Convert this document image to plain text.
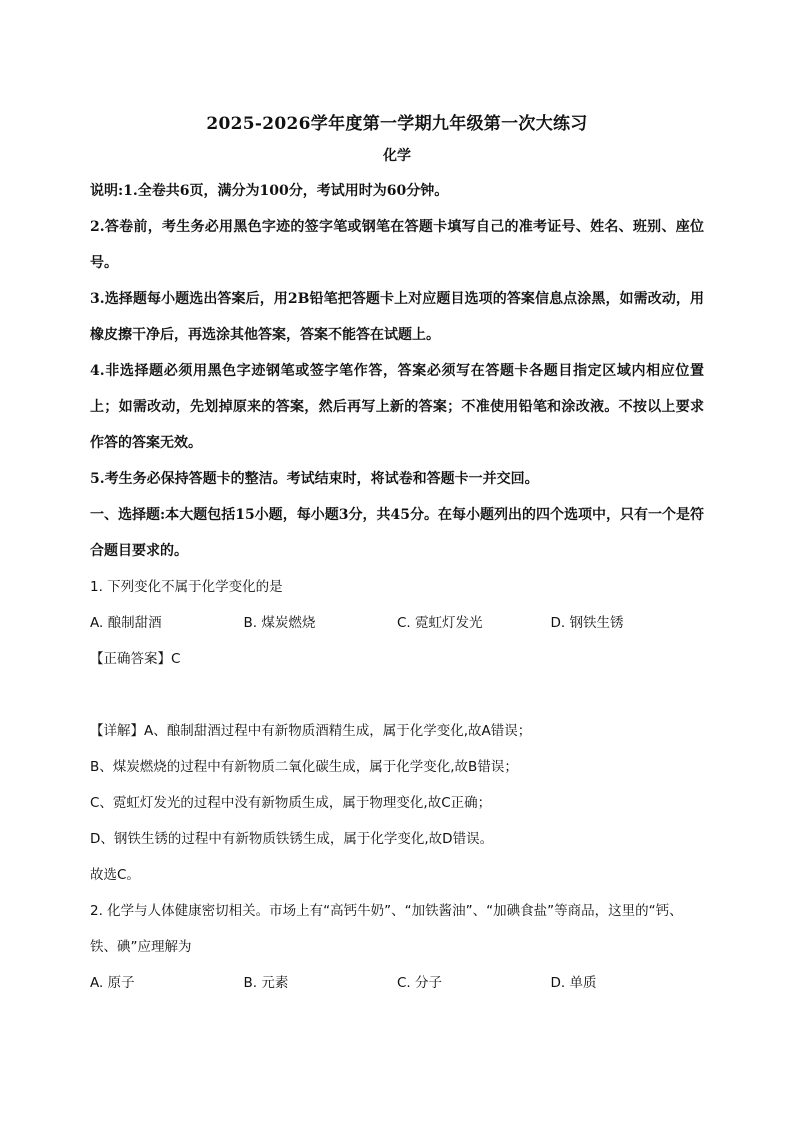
2025-2026学年度第一学期九年级第一次大练习
化学

说明:1.全卷共6页，满分为100分，考试用时为60分钟。

2.答卷前，考生务必用黑色字迹的签字笔或钢笔在答题卡填写自己的准考证号、姓名、班别、座位号。

3.选择题每小题选出答案后，用2B铅笔把答题卡上对应题目选项的答案信息点涂黑，如需改动，用橡皮擦干净后，再选涂其他答案，答案不能答在试题上。

4.非选择题必须用黑色字迹钢笔或签字笔作答，答案必须写在答题卡各题目指定区域内相应位置上；如需改动，先划掉原来的答案，然后再写上新的答案；不准使用铅笔和涂改液。不按以上要求作答的答案无效。

5.考生务必保持答题卡的整洁。考试结束时，将试卷和答题卡一并交回。

一、选择题:本大题包括15小题，每小题3分，共45分。在每小题列出的四个选项中，只有一个是符合题目要求的。

1. 下列变化不属于化学变化的是

A. 酿制甜酒	B. 煤炭燃烧	C. 霓虹灯发光	D. 钢铁生锈

【正确答案】C

【详解】A、酿制甜酒过程中有新物质酒精生成，属于化学变化,故A错误；

B、煤炭燃烧的过程中有新物质二氧化碳生成，属于化学变化,故B错误；

C、霓虹灯发光的过程中没有新物质生成，属于物理变化,故C正确；

D、钢铁生锈的过程中有新物质铁锈生成，属于化学变化,故D错误。

故选C。

2. 化学与人体健康密切相关。市场上有“高钙牛奶”、“加铁酱油”、“加碘食盐”等商品，这里的“钙、铁、碘”应理解为

A. 原子	B. 元素	C. 分子	D. 单质
